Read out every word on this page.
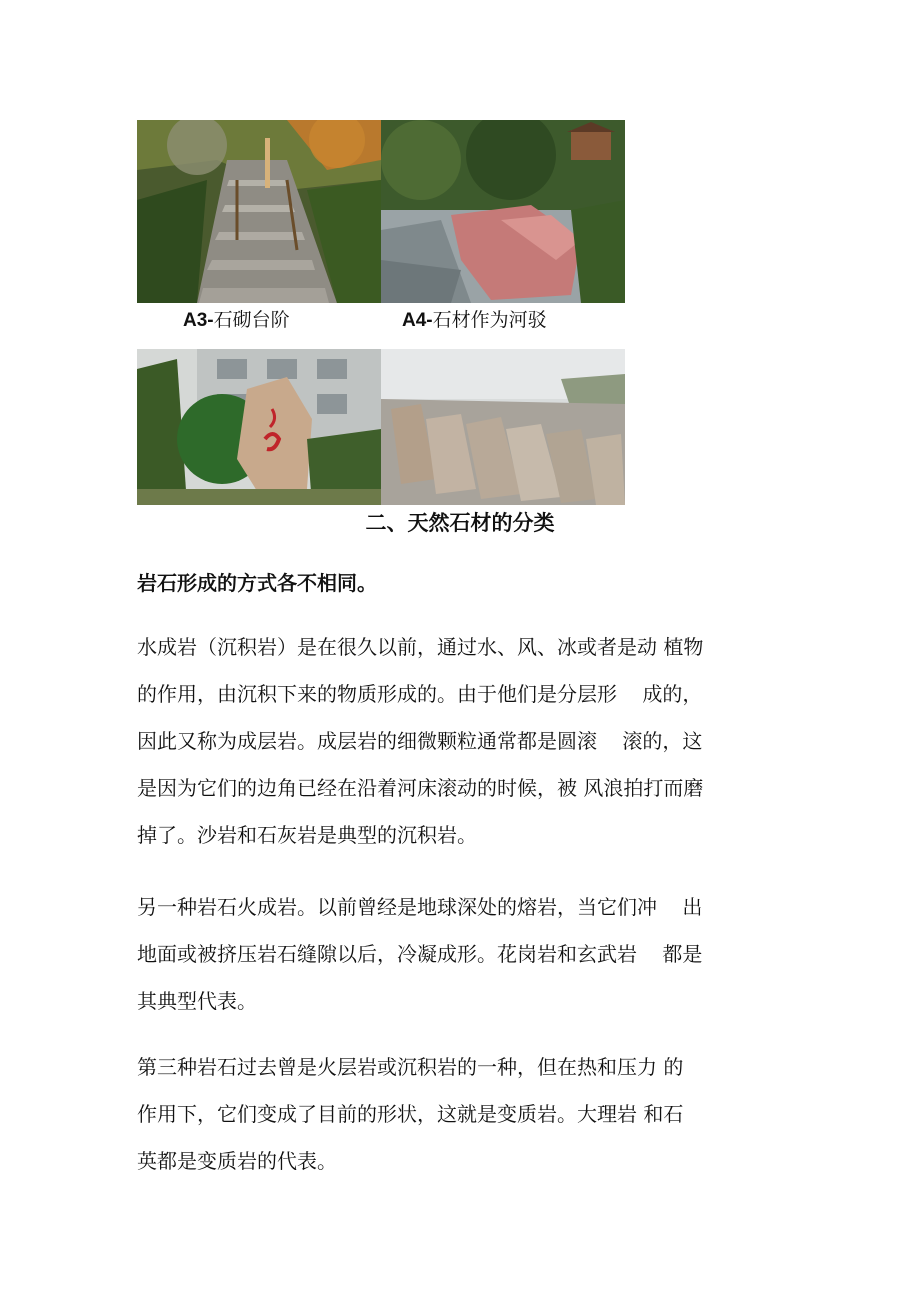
A3-石砌台阶	A4-石材作为河驳
二、天然石材的分类
岩石形成的方式各不相同。
水成岩（沉积岩）是在很久以前，通过水、风、冰或者是动 植物
的作用，由沉积下来的物质形成的。由于他们是分层形    成的，
因此又称为成层岩。成层岩的细微颗粒通常都是圆滚    滚的，这
是因为它们的边角已经在沿着河床滚动的时候，被 风浪拍打而磨
掉了。沙岩和石灰岩是典型的沉积岩。
另一种岩石火成岩。以前曾经是地球深处的熔岩，当它们冲    出
地面或被挤压岩石缝隙以后，冷凝成形。花岗岩和玄武岩    都是
其典型代表。
第三种岩石过去曾是火层岩或沉积岩的一种，但在热和压力 的
作用下，它们变成了目前的形状，这就是变质岩。大理岩 和石
英都是变质岩的代表。
